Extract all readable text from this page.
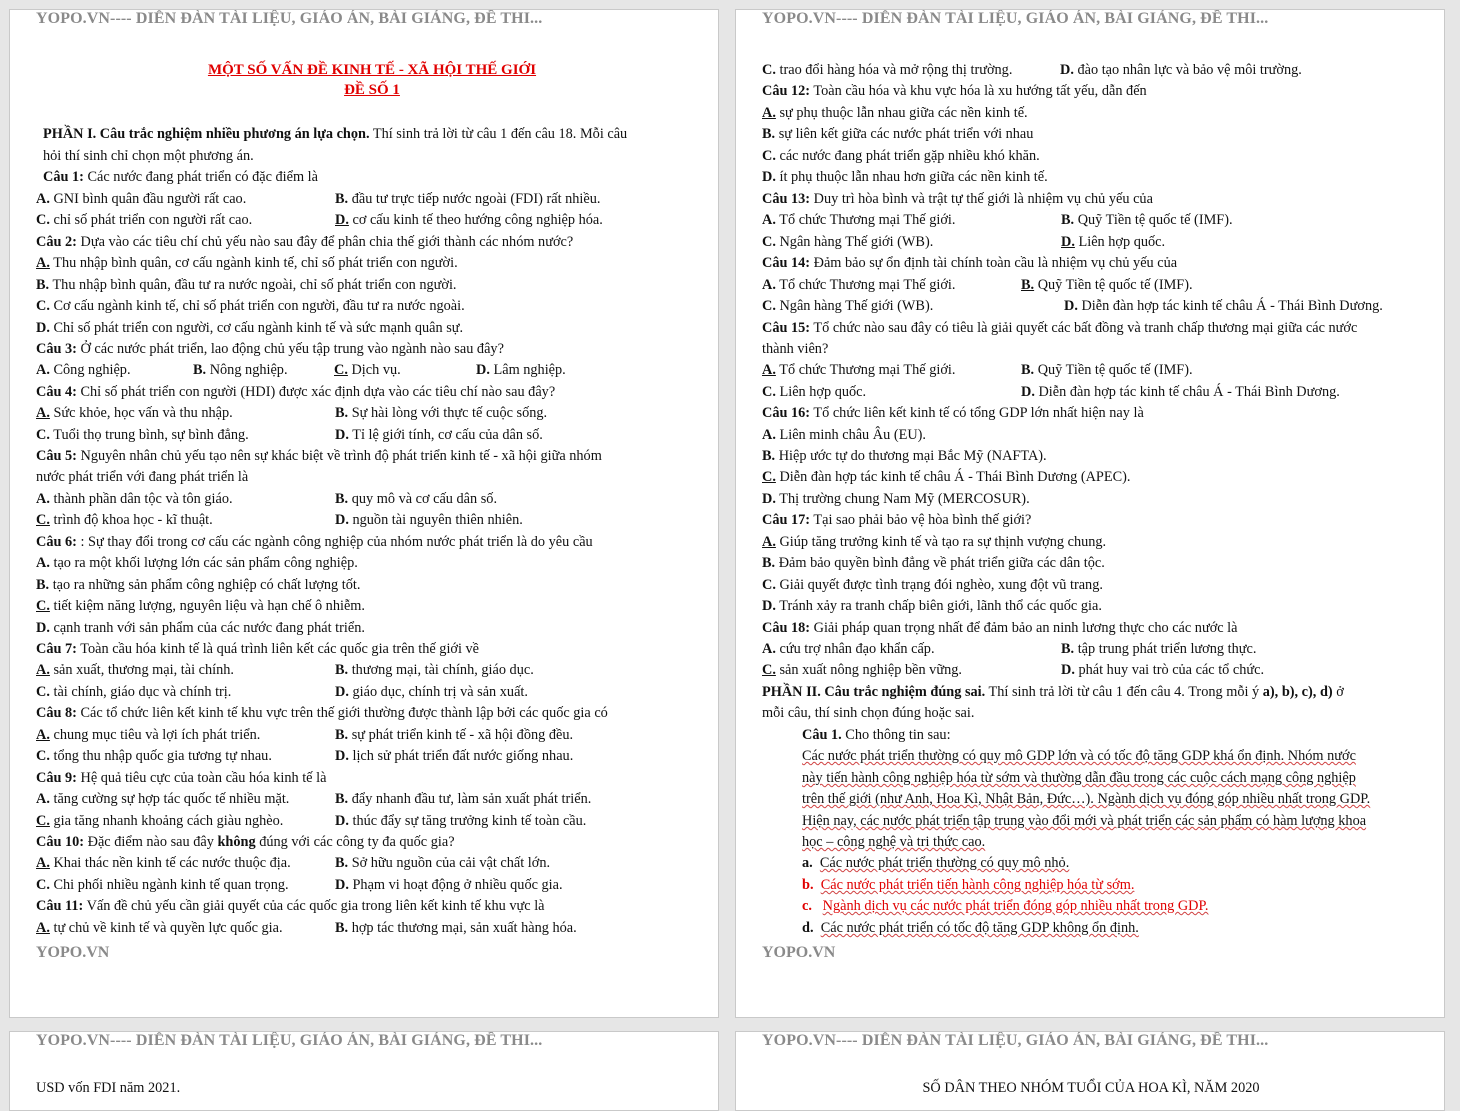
YOPO.VN---- DIỄN ĐÀN TÀI LIỆU, GIÁO ÁN, BÀI GIẢNG, ĐỀ THI...
MỘT SỐ VẤN ĐỀ KINH TẾ - XÃ HỘI THẾ GIỚI
ĐỀ SỐ 1
PHẦN I. Câu trắc nghiệm nhiều phương án lựa chọn. Thí sinh trả lời từ câu 1 đến câu 18. Mỗi câu
hỏi thí sinh chỉ chọn một phương án.
Câu 1: Các nước đang phát triển có đặc điểm là
A. GNI bình quân đầu người rất cao.	B. đầu tư trực tiếp nước ngoài (FDI) rất nhiều.
C. chỉ số phát triển con người rất cao.	D. cơ cấu kinh tế theo hướng công nghiệp hóa.
Câu 2: Dựa vào các tiêu chí chủ yếu nào sau đây để phân chia thế giới thành các nhóm nước?
A. Thu nhập bình quân, cơ cấu ngành kinh tế, chỉ số phát triển con người.
B. Thu nhập bình quân, đầu tư ra nước ngoài, chỉ số phát triển con người.
C. Cơ cấu ngành kinh tế, chỉ số phát triển con người, đầu tư ra nước ngoài.
D. Chỉ số phát triển con người, cơ cấu ngành kinh tế và sức mạnh quân sự.
Câu 3: Ở các nước phát triển, lao động chủ yếu tập trung vào ngành nào sau đây?
A. Công nghiệp.	B. Nông nghiệp.	C. Dịch vụ.	D. Lâm nghiệp.
Câu 4: Chỉ số phát triển con người (HDI) được xác định dựa vào các tiêu chí nào sau đây?
A. Sức khỏe, học vấn và thu nhập.	B. Sự hài lòng với thực tế cuộc sống.
C. Tuổi thọ trung bình, sự bình đẳng.	D. Tỉ lệ giới tính, cơ cấu của dân số.
Câu 5: Nguyên nhân chủ yếu tạo nên sự khác biệt về trình độ phát triển kinh tế - xã hội giữa nhóm
nước phát triển với đang phát triển là
A. thành phần dân tộc và tôn giáo.	B. quy mô và cơ cấu dân số.
C. trình độ khoa học - kĩ thuật.	D. nguồn tài nguyên thiên nhiên.
Câu 6: : Sự thay đổi trong cơ cấu các ngành công nghiệp của nhóm nước phát triển là do yêu cầu
A. tạo ra một khối lượng lớn các sản phẩm công nghiệp.
B. tạo ra những sản phẩm công nghiệp có chất lượng tốt.
C. tiết kiệm năng lượng, nguyên liệu và hạn chế ô nhiễm.
D. cạnh tranh với sản phẩm của các nước đang phát triển.
Câu 7: Toàn cầu hóa kinh tế là quá trình liên kết các quốc gia trên thế giới về
A. sản xuất, thương mại, tài chính.	B. thương mại, tài chính, giáo dục.
C. tài chính, giáo dục và chính trị.	D. giáo dục, chính trị và sản xuất.
Câu 8: Các tổ chức liên kết kinh tế khu vực trên thế giới thường được thành lập bởi các quốc gia có
A. chung mục tiêu và lợi ích phát triển.	B. sự phát triển kinh tế - xã hội đồng đều.
C. tổng thu nhập quốc gia tương tự nhau.	D. lịch sử phát triển đất nước giống nhau.
Câu 9: Hệ quả tiêu cực của toàn cầu hóa kinh tế là
A. tăng cường sự hợp tác quốc tế nhiều mặt.	B. đẩy nhanh đầu tư, làm sản xuất phát triển.
C. gia tăng nhanh khoảng cách giàu nghèo.	D. thúc đẩy sự tăng trưởng kinh tế toàn cầu.
Câu 10: Đặc điểm nào sau đây không đúng với các công ty đa quốc gia?
A. Khai thác nền kinh tế các nước thuộc địa.	B. Sở hữu nguồn của cải vật chất lớn.
C. Chi phối nhiều ngành kinh tế quan trọng.	D. Phạm vi hoạt động ở nhiều quốc gia.
Câu 11: Vấn đề chủ yếu cần giải quyết của các quốc gia trong liên kết kinh tế khu vực là
A. tự chủ về kinh tế và quyền lực quốc gia.	B. hợp tác thương mại, sản xuất hàng hóa.
YOPO.VN
YOPO.VN---- DIỄN ĐÀN TÀI LIỆU, GIÁO ÁN, BÀI GIẢNG, ĐỀ THI...
C. trao đổi hàng hóa và mở rộng thị trường.	D. đào tạo nhân lực và bảo vệ môi trường.
Câu 12: Toàn cầu hóa và khu vực hóa là xu hướng tất yếu, dẫn đến
A. sự phụ thuộc lẫn nhau giữa các nền kinh tế.
B. sự liên kết giữa các nước phát triển với nhau
C. các nước đang phát triển gặp nhiều khó khăn.
D. ít phụ thuộc lẫn nhau hơn giữa các nền kinh tế.
Câu 13: Duy trì hòa bình và trật tự thế giới là nhiệm vụ chủ yếu của
A. Tổ chức Thương mại Thế giới.	B. Quỹ Tiền tệ quốc tế (IMF).
C. Ngân hàng Thế giới (WB).	D. Liên hợp quốc.
Câu 14: Đảm bảo sự ổn định tài chính toàn cầu là nhiệm vụ chủ yếu của
A. Tổ chức Thương mại Thế giới.	B. Quỹ Tiền tệ quốc tế (IMF).
C. Ngân hàng Thế giới (WB).	D. Diễn đàn hợp tác kinh tế châu Á - Thái Bình Dương.
Câu 15: Tổ chức nào sau đây có tiêu là giải quyết các bất đồng và tranh chấp thương mại giữa các nước
thành viên?
A. Tổ chức Thương mại Thế giới.	B. Quỹ Tiền tệ quốc tế (IMF).
C. Liên hợp quốc.	D. Diễn đàn hợp tác kinh tế châu Á - Thái Bình Dương.
Câu 16: Tổ chức liên kết kinh tế có tổng GDP lớn nhất hiện nay là
A. Liên minh châu Âu (EU).
B. Hiệp ước tự do thương mại Bắc Mỹ (NAFTA).
C. Diễn đàn hợp tác kinh tế châu Á - Thái Bình Dương (APEC).
D. Thị trường chung Nam Mỹ (MERCOSUR).
Câu 17: Tại sao phải bảo vệ hòa bình thế giới?
A. Giúp tăng trưởng kinh tế và tạo ra sự thịnh vượng chung.
B. Đảm bảo quyền bình đẳng về phát triển giữa các dân tộc.
C. Giải quyết được tình trạng đói nghèo, xung đột vũ trang.
D. Tránh xảy ra tranh chấp biên giới, lãnh thổ các quốc gia.
Câu 18: Giải pháp quan trọng nhất để đảm bảo an ninh lương thực cho các nước là
A. cứu trợ nhân đạo khẩn cấp.	B. tập trung phát triển lương thực.
C. sản xuất nông nghiệp bền vững.	D. phát huy vai trò của các tổ chức.
PHẦN II. Câu trắc nghiệm đúng sai. Thí sinh trả lời từ câu 1 đến câu 4. Trong mỗi ý a), b), c), d) ở
mỗi câu, thí sinh chọn đúng hoặc sai.
Câu 1. Cho thông tin sau:
Các nước phát triển thường có quy mô GDP lớn và có tốc độ tăng GDP khá ổn định. Nhóm nước
này tiến hành công nghiệp hóa từ sớm và thường dẫn đầu trong các cuộc cách mạng công nghiệp
trên thế giới (như Anh, Hoa Kì, Nhật Bản, Đức…). Ngành dịch vụ đóng góp nhiều nhất trong GDP.
Hiện nay, các nước phát triển tập trung vào đổi mới và phát triển các sản phẩm có hàm lượng khoa
học – công nghệ và tri thức cao.
a. Các nước phát triển thường có quy mô nhỏ.
b. Các nước phát triển tiến hành công nghiệp hóa từ sớm.
c. Ngành dịch vụ các nước phát triển đóng góp nhiều nhất trong GDP.
d. Các nước phát triển có tốc độ tăng GDP không ổn định.
YOPO.VN
YOPO.VN---- DIỄN ĐÀN TÀI LIỆU, GIÁO ÁN, BÀI GIẢNG, ĐỀ THI...
USD vốn FDI năm 2021.
YOPO.VN---- DIỄN ĐÀN TÀI LIỆU, GIÁO ÁN, BÀI GIẢNG, ĐỀ THI...
SỐ DÂN THEO NHÓM TUỔI CỦA HOA KÌ, NĂM 2020
